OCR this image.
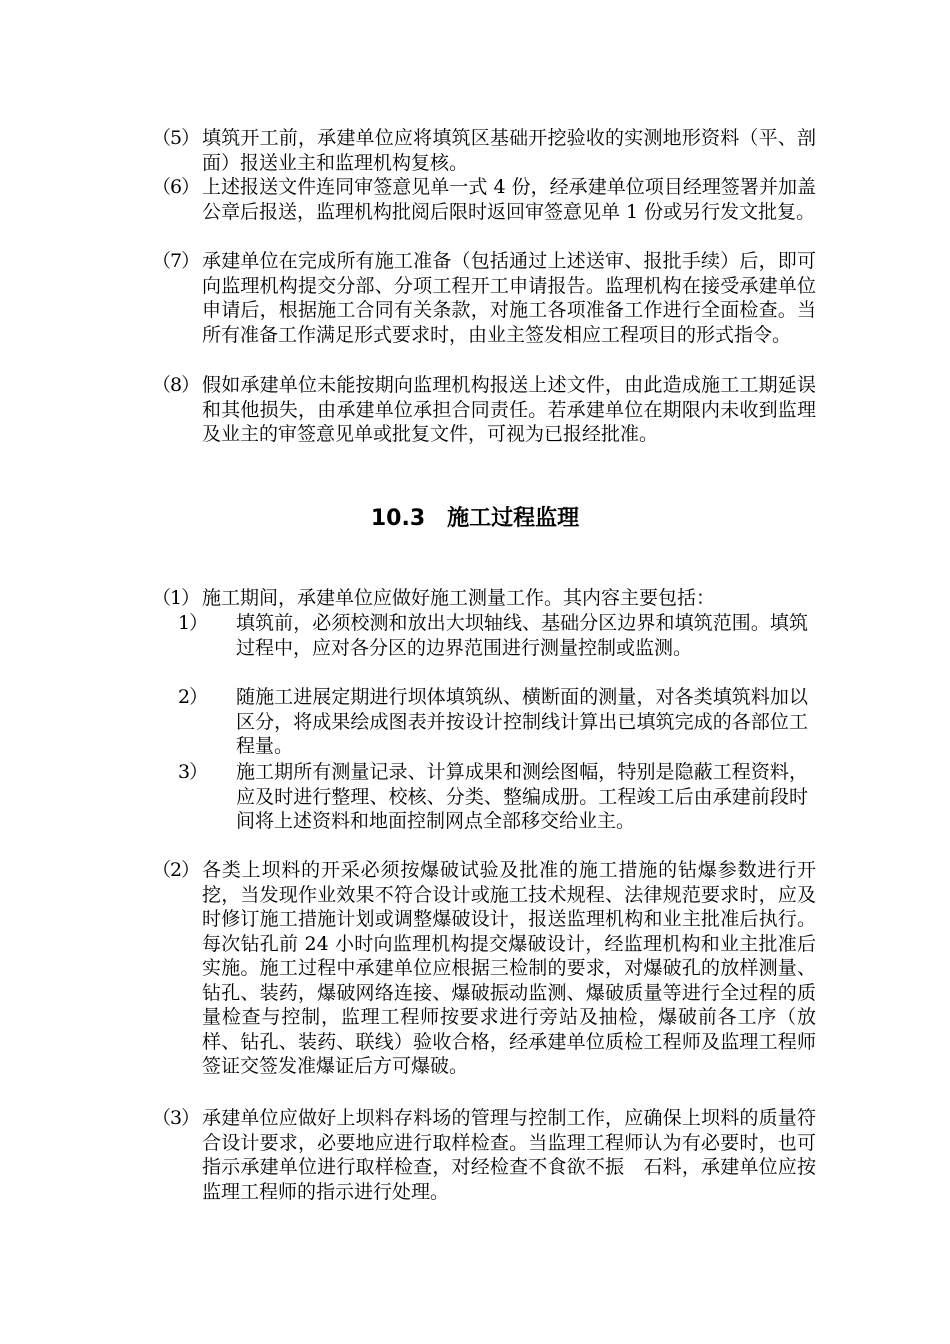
（5） 填筑开工前，承建单位应将填筑区基础开挖验收的实测地形资料（平、剖面）报送业主和监理机构复核。
（6） 上述报送文件连同审签意见单一式 4 份，经承建单位项目经理签署并加盖公章后报送，监理机构批阅后限时返回审签意见单 1 份或另行发文批复。
（7） 承建单位在完成所有施工准备（包括通过上述送审、报批手续）后，即可向监理机构提交分部、分项工程开工申请报告。监理机构在接受承建单位申请后，根据施工合同有关条款，对施工各项准备工作进行全面检查。当所有准备工作满足形式要求时，由业主签发相应工程项目的形式指令。
（8） 假如承建单位未能按期向监理机构报送上述文件，由此造成施工工期延误和其他损失，由承建单位承担合同责任。若承建单位在期限内未收到监理及业主的审签意见单或批复文件，可视为已报经批准。
10.3 施工过程监理
（1） 施工期间，承建单位应做好施工测量工作。其内容主要包括：
1）	填筑前，必须校测和放出大坝轴线、基础分区边界和填筑范围。填筑过程中，应对各分区的边界范围进行测量控制或监测。
2）	随施工进展定期进行坝体填筑纵、横断面的测量，对各类填筑料加以区分，将成果绘成图表并按设计控制线计算出已填筑完成的各部位工程量。
3）	施工期所有测量记录、计算成果和测绘图幅，特别是隐蔽工程资料，应及时进行整理、校核、分类、整编成册。工程竣工后由承建前段时间将上述资料和地面控制网点全部移交给业主。
（2） 各类上坝料的开采必须按爆破试验及批准的施工措施的钻爆参数进行开挖，当发现作业效果不符合设计或施工技术规程、法律规范要求时，应及时修订施工措施计划或调整爆破设计，报送监理机构和业主批准后执行。每次钻孔前 24 小时向监理机构提交爆破设计，经监理机构和业主批准后实施。施工过程中承建单位应根据三检制的要求，对爆破孔的放样测量、钻孔、装药，爆破网络连接、爆破振动监测、爆破质量等进行全过程的质量检查与控制，监理工程师按要求进行旁站及抽检，爆破前各工序（放样、钻孔、装药、联线）验收合格，经承建单位质检工程师及监理工程师签证交签发准爆证后方可爆破。
（3） 承建单位应做好上坝料存料场的管理与控制工作，应确保上坝料的质量符合设计要求，必要地应进行取样检查。当监理工程师认为有必要时，也可指示承建单位进行取样检查，对经检查不食欲不振　石料，承建单位应按监理工程师的指示进行处理。
